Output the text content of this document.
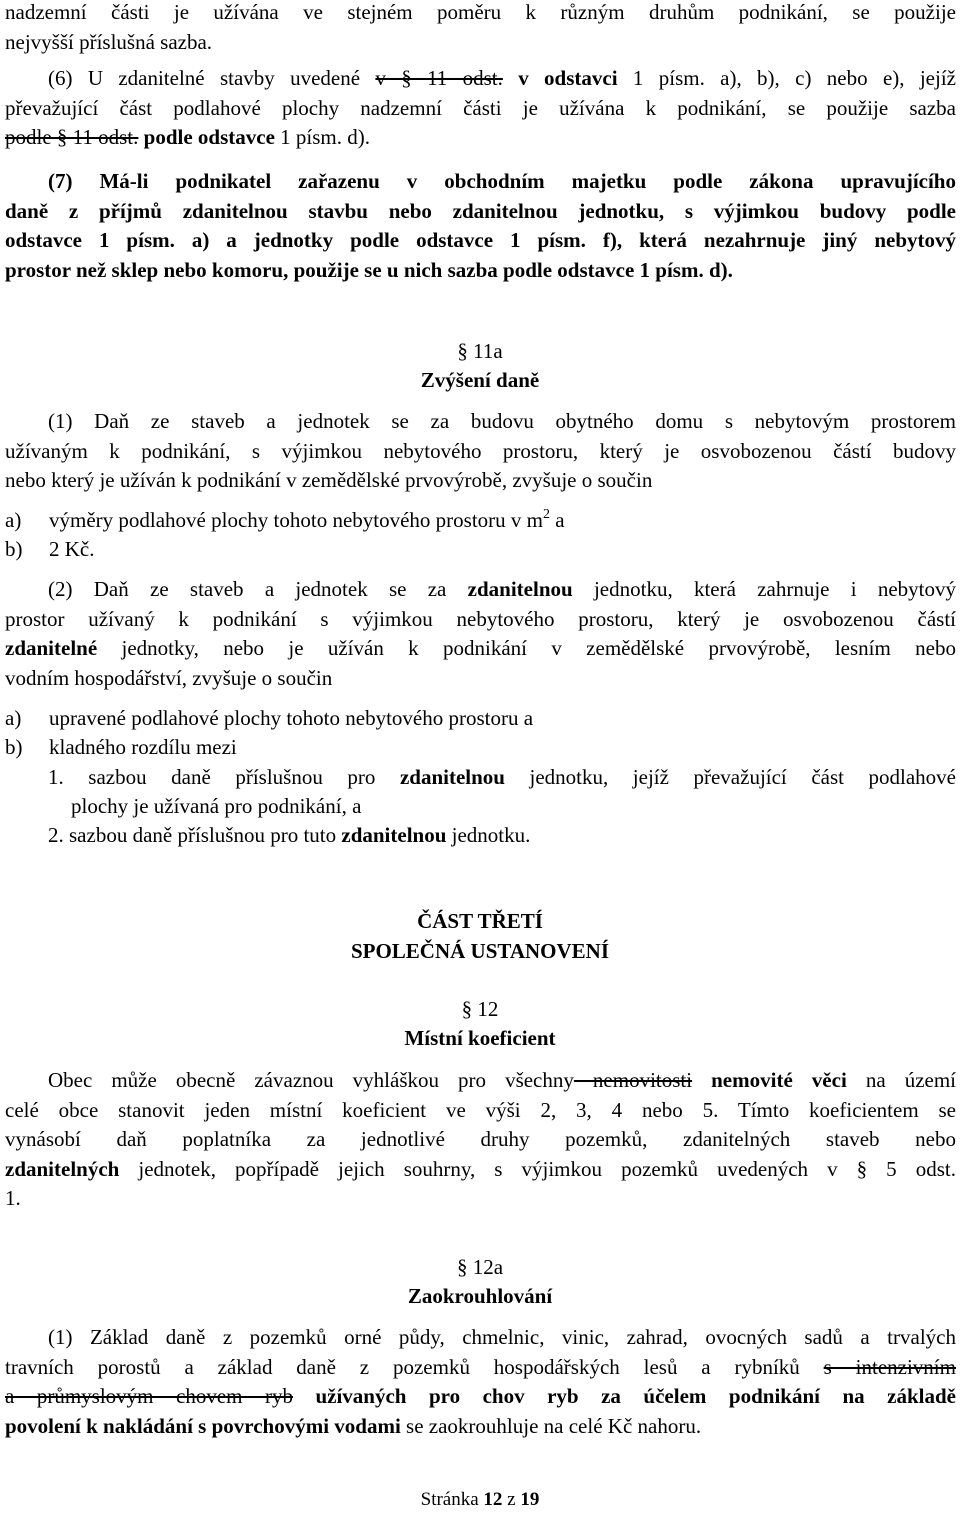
nadzemní části je užívána ve stejném poměru k různým druhům podnikání, se použije
nejvyšší příslušná sazba.
(6) U zdanitelné stavby uvedené v § 11 odst. v odstavci 1 písm. a), b), c) nebo e), jejíž
převažující část podlahové plochy nadzemní části je užívána k podnikání, se použije sazba
podle § 11 odst. podle odstavce 1 písm. d).
(7) Má-li podnikatel zařazenu v obchodním majetku podle zákona upravujícího
daně z příjmů zdanitelnou stavbu nebo zdanitelnou jednotku, s výjimkou budovy podle
odstavce 1 písm. a) a jednotky podle odstavce 1 písm. f), která nezahrnuje jiný nebytový
prostor než sklep nebo komoru, použije se u nich sazba podle odstavce 1 písm. d).

§ 11a

Zvýšení daně

(1) Daň ze staveb a jednotek se za budovu obytného domu s nebytovým prostorem
užívaným k podnikání, s výjimkou nebytového prostoru, který je osvobozenou částí budovy
nebo který je užíván k podnikání v zemědělské prvovýrobě, zvyšuje o součin
a) výměry podlahové plochy tohoto nebytového prostoru v $m^2$ a
b) 2 Kč.
(2) Daň ze staveb a jednotek se za zdanitelnou jednotku, která zahrnuje i nebytový
prostor užívaný k podnikání s výjimkou nebytového prostoru, který je osvobozenou částí
zdanitelné jednotky, nebo je užíván k podnikání v zemědělské prvovýrobě, lesním nebo
vodním hospodářství, zvyšuje o součin
a) upravené podlahové plochy tohoto nebytového prostoru a
b) kladného rozdílu mezi
1. sazbou daně příslušnou pro zdanitelnou jednotku, jejíž převažující část podlahové
plochy je užívaná pro podnikání, a
2. sazbou daně příslušnou pro tuto zdanitelnou jednotku.

ČÁST TŘETÍ

SPOLEČNÁ USTANOVENÍ

§ 12

Místní koeficient

Obec může obecně závaznou vyhláškou pro všechny nemovitosti nemovité věci na území
celé obce stanovit jeden místní koeficient ve výši 2, 3, 4 nebo 5. Tímto koeficientem se
vynásobí daň poplatníka za jednotlivé druhy pozemků, zdanitelných staveb nebo
zdanitelných jednotek, popřípadě jejich souhrny, s výjimkou pozemků uvedených v § 5 odst.
1.

§ 12a

Zaokrouhlování

(1) Základ daně z pozemků orné půdy, chmelnic, vinic, zahrad, ovocných sadů a trvalých
travních porostů a základ daně z pozemků hospodářských lesů a rybníků s intenzivním
a průmyslovým chovem ryb užívaných pro chov ryb za účelem podnikání na základě
povolení k nakládání s povrchovými vodami se zaokrouhluje na celé Kč nahoru.
Stránka 12 z 19
